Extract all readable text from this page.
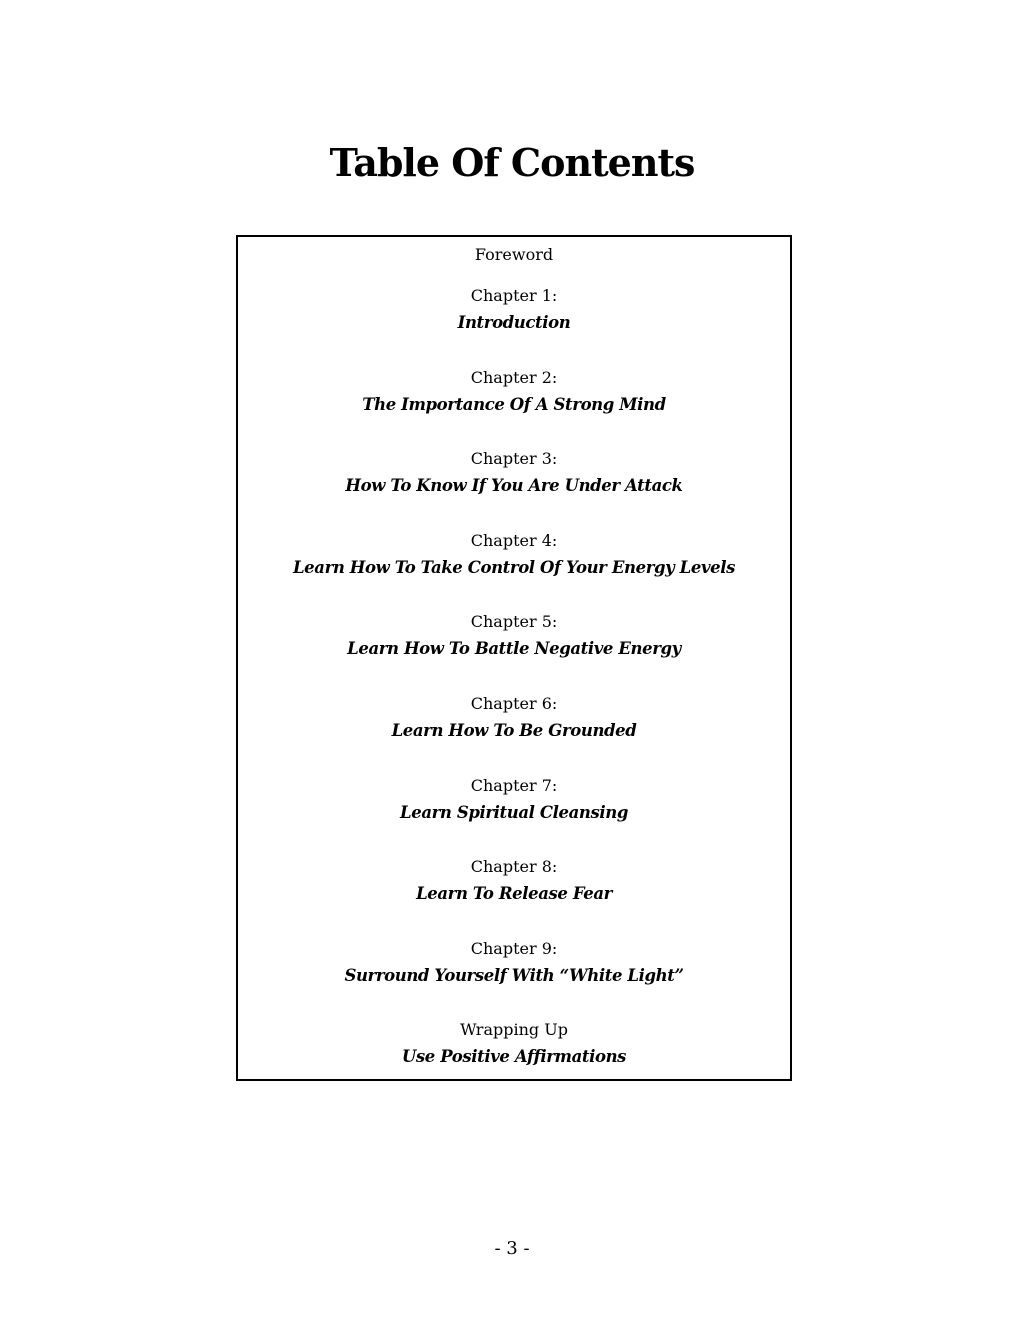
Table Of Contents
Foreword
Chapter 1:
Introduction
Chapter 2:
The Importance Of A Strong Mind
Chapter 3:
How To Know If You Are Under Attack
Chapter 4:
Learn How To Take Control Of Your Energy Levels
Chapter 5:
Learn How To Battle Negative Energy
Chapter 6:
Learn How To Be Grounded
Chapter 7:
Learn Spiritual Cleansing
Chapter 8:
Learn To Release Fear
Chapter 9:
Surround Yourself With “White Light”
Wrapping Up
Use Positive Affirmations
- 3 -
